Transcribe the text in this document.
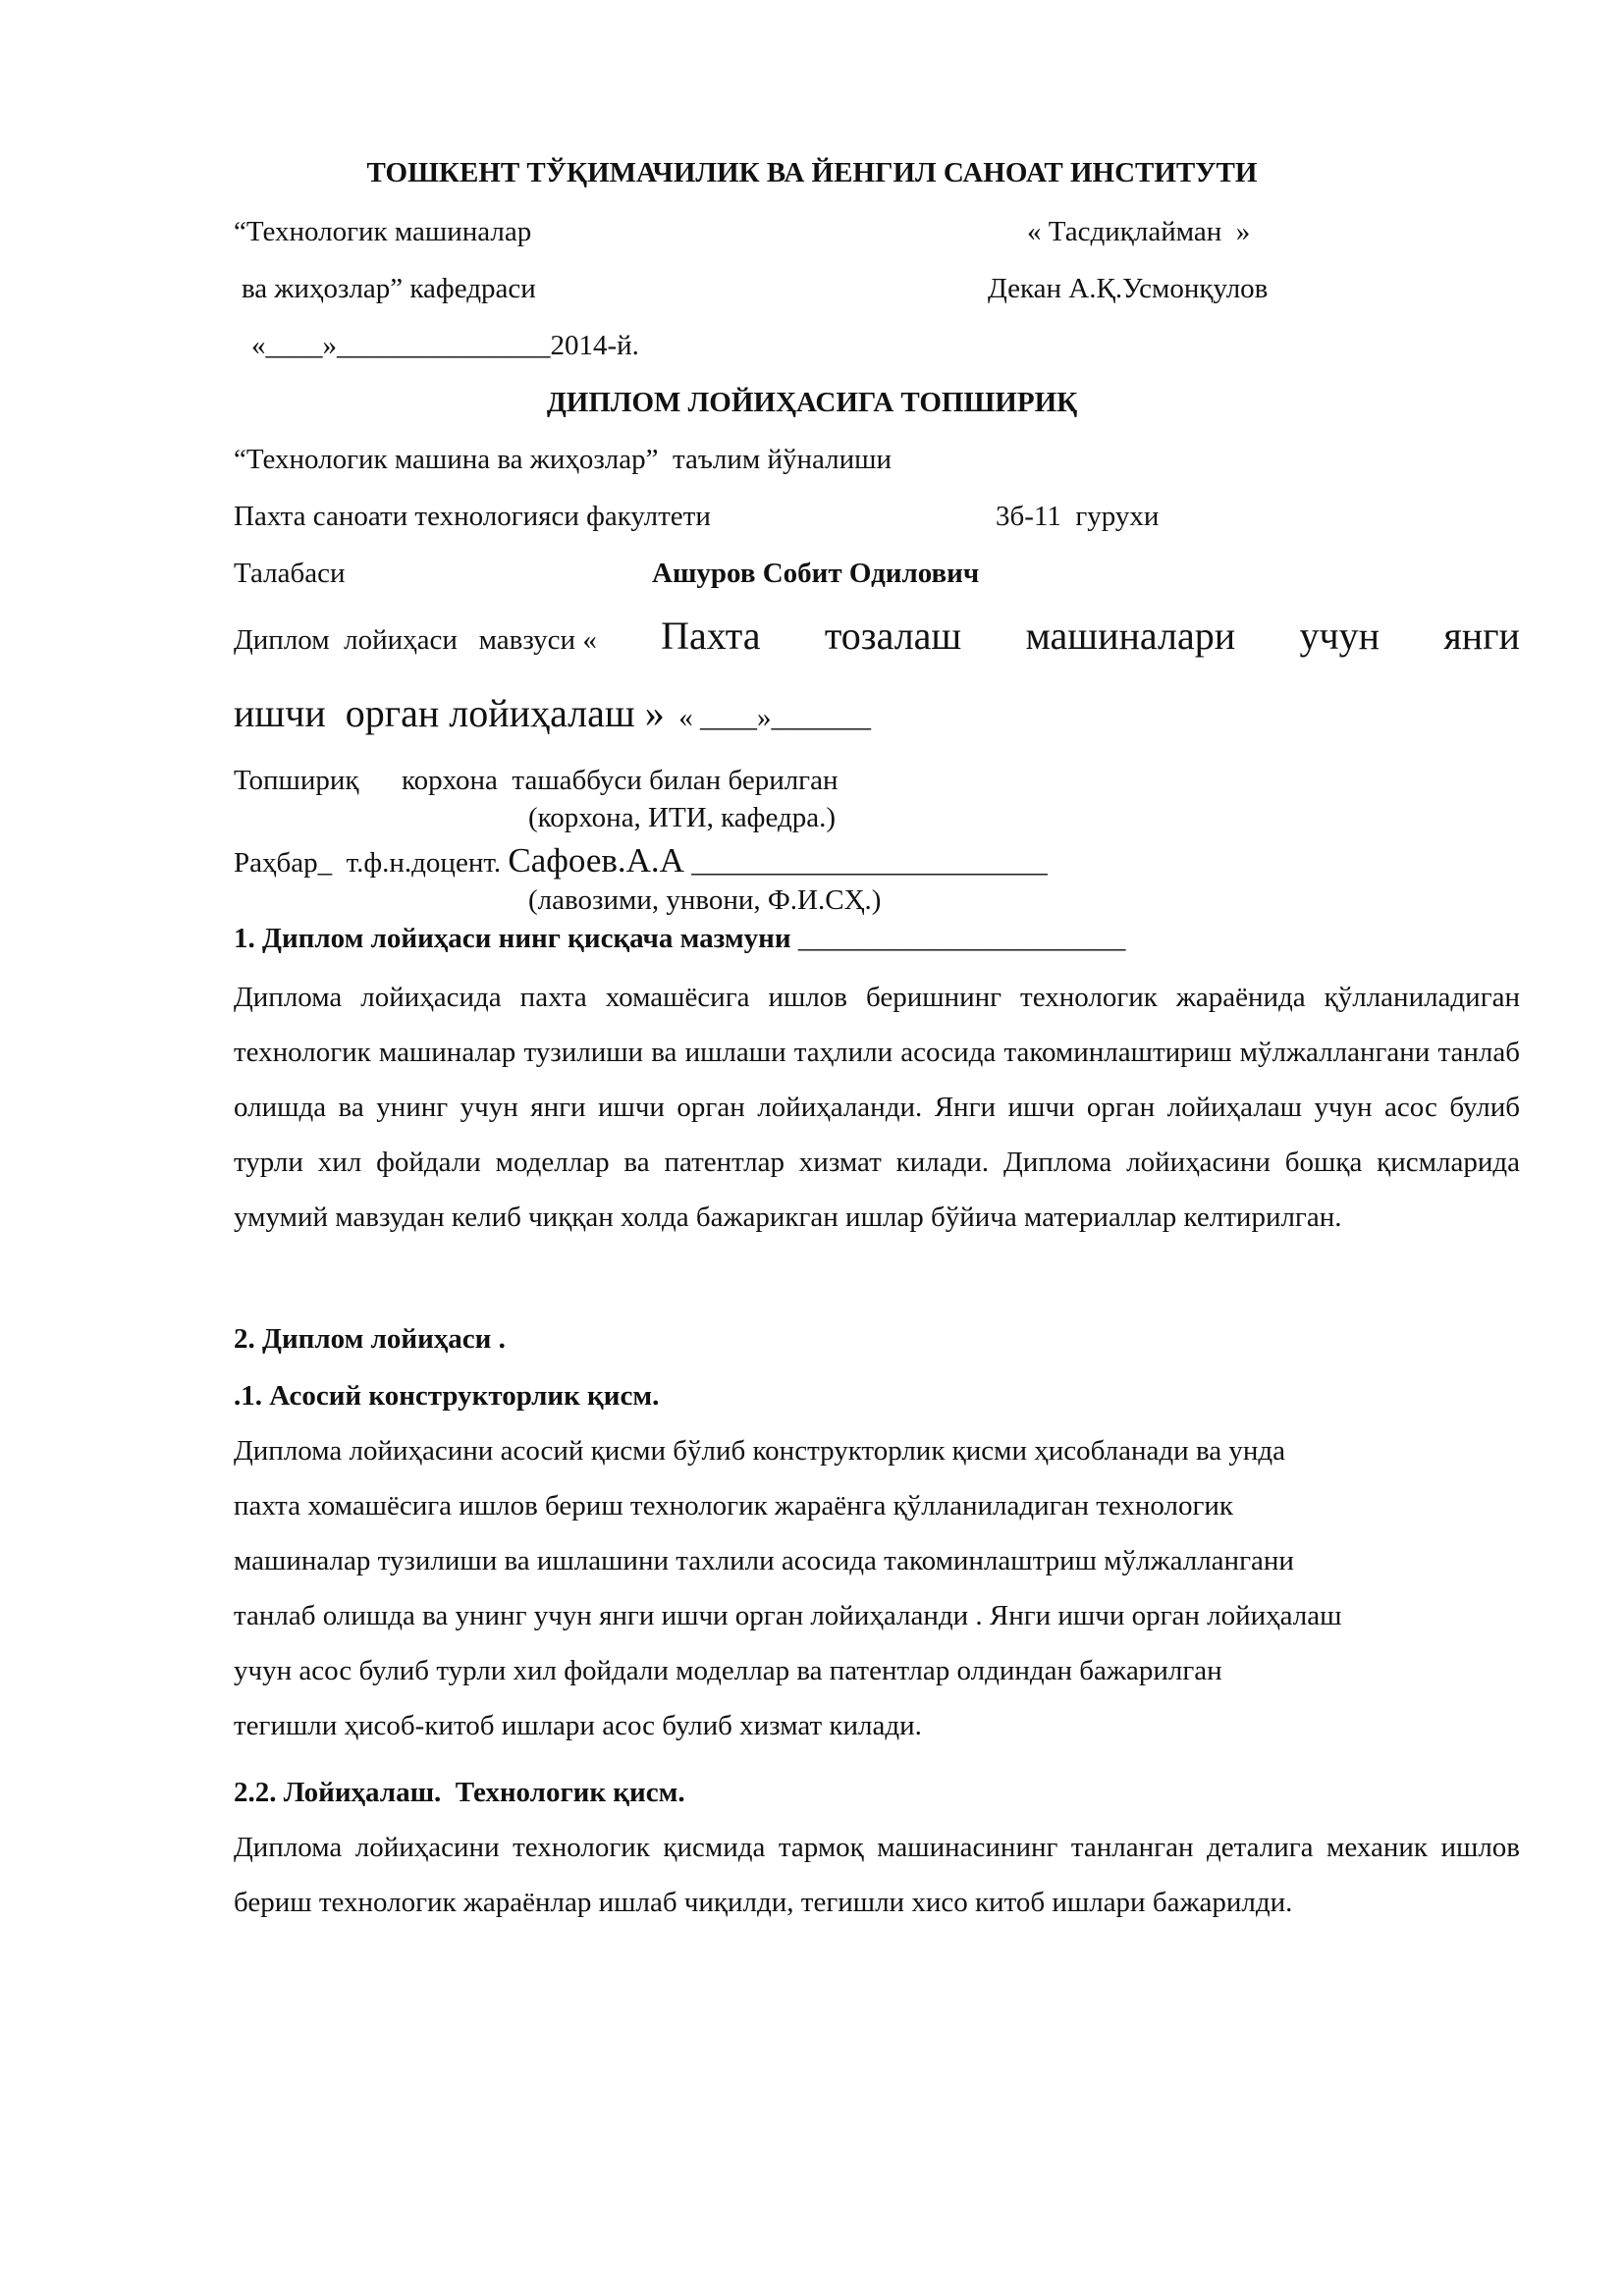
ТОШКЕНТ ТЎҚИМАЧИЛИК ВА ЙЕНГИЛ САНОАТ ИНСТИТУТИ
“Технологик машиналар	« Тасдиқлайман  »
ва жиҳозлар” кафедраси	Декан А.Қ.Усмонқулов
«____»_______________2014-й.
ДИПЛОМ ЛОЙИҲАСИГА ТОПШИРИҚ
“Технологик машина ва жиҳозлар”  таълим йўналиши
Пахта саноати технологияси факултети	3б-11  гурухи
Талабаси	Ашуров Собит Одилович
Диплом  лойиҳаси   мавзуси « Пахта тозалаш машиналари учун янги
ишчи  орган лойиҳалаш »  « ____»_______
Топшириқ      корхона  ташаббуси билан берилган
(корхона, ИТИ, кафедра.)
Раҳбар_  т.ф.н.доцент. Сафоев.А.А _________________________
(лавозими, унвони, Ф.И.СҲ.)
1. Диплом лойиҳаси нинг қисқача мазмуни _______________________
Диплома лойиҳасида пахта хомашёсига ишлов беришнинг технологик жараёнида қўлланиладиган технологик машиналар тузилиши ва ишлаши таҳлили асосида такоминлаштириш мўлжаллангани танлаб олишда ва унинг учун янги ишчи орган лойиҳаланди. Янги ишчи орган лойиҳалаш учун асос булиб турли хил фойдали моделлар ва патентлар хизмат килади. Диплома лойиҳасини бошқа қисмларида умумий мавзудан келиб чиққан холда бажарикган ишлар бўйича материаллар келтирилган.
2. Диплом лойиҳаси .
.1. Асосий конструкторлик қисм.
Диплома лойиҳасини асосий қисми бўлиб конструкторлик қисми ҳисобланади ва унда
пахта хомашёсига ишлов бериш технологик жараёнга қўлланиладиган технологик
машиналар тузилиши ва ишлашини тахлили асосида такоминлаштриш мўлжаллангани
танлаб олишда ва унинг учун янги ишчи орган лойиҳаланди . Янги ишчи орган лойиҳалаш
учун асос булиб турли хил фойдали моделлар ва патентлар олдиндан бажарилган
тегишли ҳисоб-китоб ишлари асос булиб хизмат килади.
2.2. Лойиҳалаш.  Технологик қисм.
Диплома лойиҳасини технологик қисмида тармоқ машинасининг танланган деталига механик ишлов бериш технологик жараёнлар ишлаб чиқилди, тегишли хисо китоб ишлари бажарилди.
